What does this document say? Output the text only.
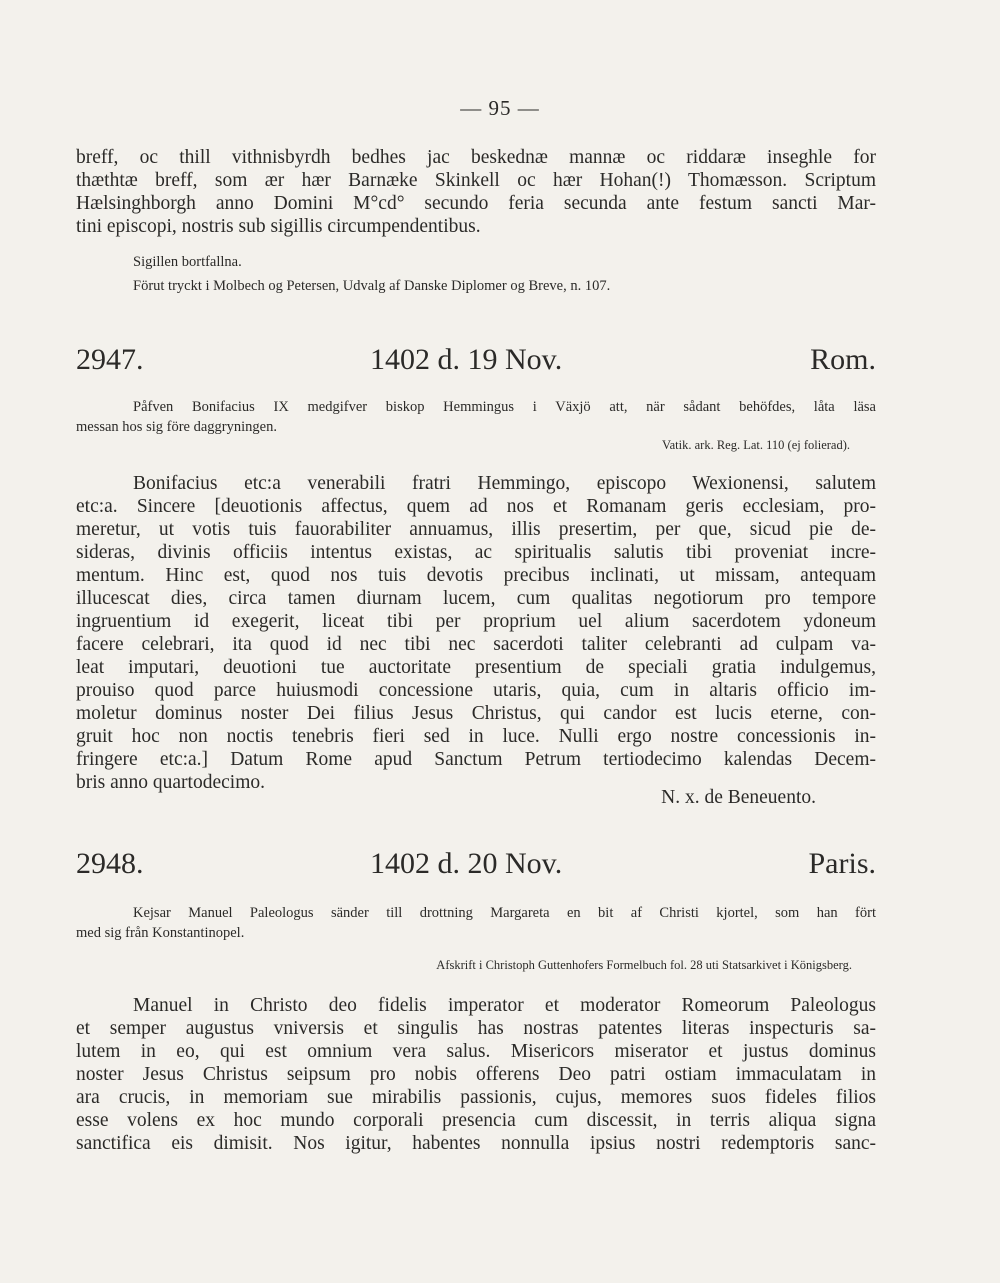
— 95 —
breff, oc thill vithnisbyrdh bedhes jac beskednæ mannæ oc riddaræ inseghle for
thæthtæ breff, som ær hær Barnæke Skinkell oc hær Hohan(!) Thomæsson. Scriptum
Hælsinghborgh anno Domini M°cd° secundo feria secunda ante festum sancti Mar-
tini episcopi, nostris sub sigillis circumpendentibus.
Sigillen bortfallna.
Förut tryckt i Molbech og Petersen, Udvalg af Danske Diplomer og Breve, n. 107.
2947.	1402 d. 19 Nov.	Rom.
Påfven Bonifacius IX medgifver biskop Hemmingus i Växjö att, när sådant behöfdes, låta läsa
messan hos sig före daggryningen.
Vatik. ark. Reg. Lat. 110 (ej folierad).
Bonifacius etc:a venerabili fratri Hemmingo, episcopo Wexionensi, salutem
etc:a. Sincere [deuotionis affectus, quem ad nos et Romanam geris ecclesiam, pro-
meretur, ut votis tuis fauorabiliter annuamus, illis presertim, per que, sicud pie de-
sideras, divinis officiis intentus existas, ac spiritualis salutis tibi proveniat incre-
mentum. Hinc est, quod nos tuis devotis precibus inclinati, ut missam, antequam
illucescat dies, circa tamen diurnam lucem, cum qualitas negotiorum pro tempore
ingruentium id exegerit, liceat tibi per proprium uel alium sacerdotem ydoneum
facere celebrari, ita quod id nec tibi nec sacerdoti taliter celebranti ad culpam va-
leat imputari, deuotioni tue auctoritate presentium de speciali gratia indulgemus,
prouiso quod parce huiusmodi concessione utaris, quia, cum in altaris officio im-
moletur dominus noster Dei filius Jesus Christus, qui candor est lucis eterne, con-
gruit hoc non noctis tenebris fieri sed in luce. Nulli ergo nostre concessionis in-
fringere etc:a.] Datum Rome apud Sanctum Petrum tertiodecimo kalendas Decem-
bris anno quartodecimo.
N. x. de Beneuento.
2948.	1402 d. 20 Nov.	Paris.
Kejsar Manuel Paleologus sänder till drottning Margareta en bit af Christi kjortel, som han fört
med sig från Konstantinopel.
Afskrift i Christoph Guttenhofers Formelbuch fol. 28 uti Statsarkivet i Königsberg.
Manuel in Christo deo fidelis imperator et moderator Romeorum Paleologus
et semper augustus vniversis et singulis has nostras patentes literas inspecturis sa-
lutem in eo, qui est omnium vera salus. Misericors miserator et justus dominus
noster Jesus Christus seipsum pro nobis offerens Deo patri ostiam immaculatam in
ara crucis, in memoriam sue mirabilis passionis, cujus, memores suos fideles filios
esse volens ex hoc mundo corporali presencia cum discessit, in terris aliqua signa
sanctifica eis dimisit. Nos igitur, habentes nonnulla ipsius nostri redemptoris sanc-
